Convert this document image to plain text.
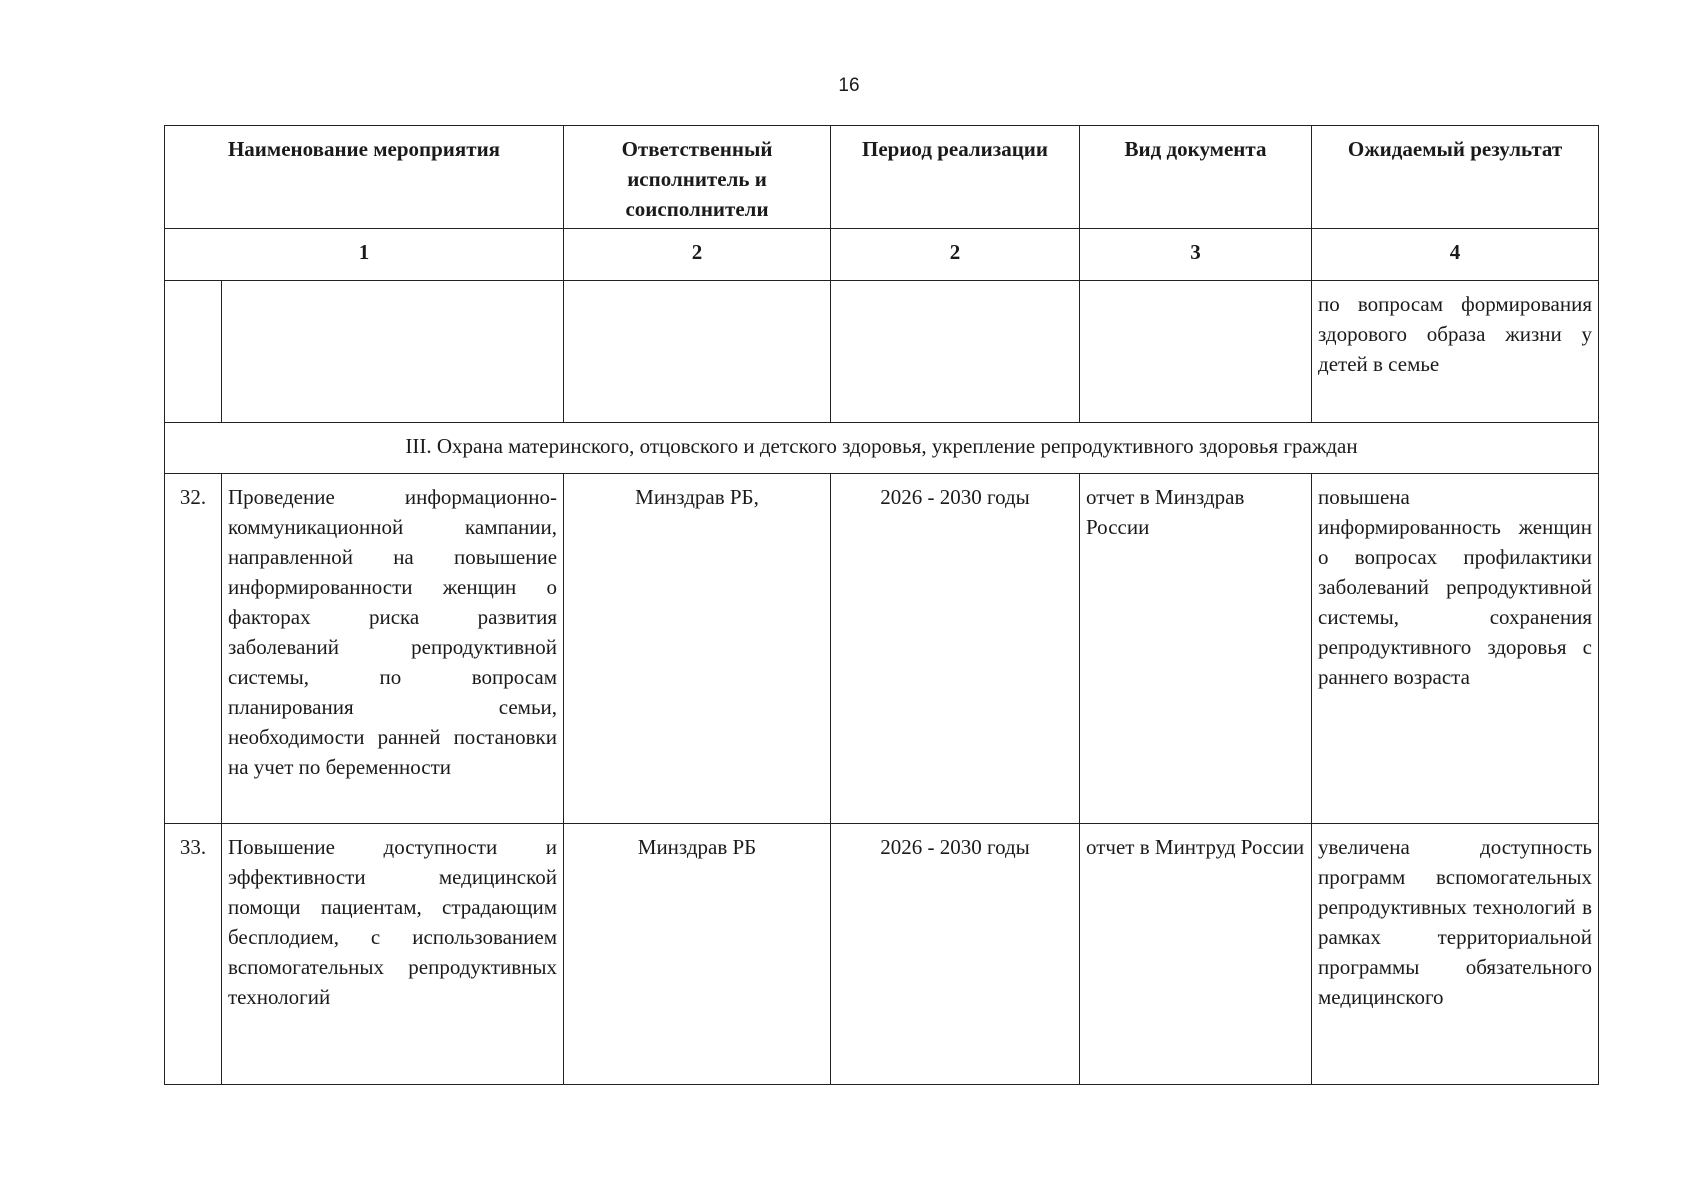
16
Наименование мероприятия		Ответственный исполнитель и соисполнители	Период реализации	Вид документа	Ожидаемый результат
1		2	2	3	4
					по вопросам формирования здорового образа жизни у детей в семье
III. Охрана материнского, отцовского и детского здоровья, укрепление репродуктивного здоровья граждан					
32.	Проведение информационно-коммуникационной кампании, направленной на повышение информированности женщин о факторах риска развития заболеваний репродуктивной системы, по вопросам планирования семьи, необходимости ранней постановки на учет по беременности	Минздрав РБ,	2026 - 2030 годы	отчет в Минздрав России	повышена информированность женщин о вопросах профилактики заболеваний репродуктивной системы, сохранения репродуктивного здоровья с раннего возраста
33.	Повышение доступности и эффективности медицинской помощи пациентам, страдающим бесплодием, с использованием вспомогательных репродуктивных технологий	Минздрав РБ	2026 - 2030 годы	отчет в Минтруд России	увеличена доступность программ вспомогательных репродуктивных технологий в рамках территориальной программы обязательного медицинского
